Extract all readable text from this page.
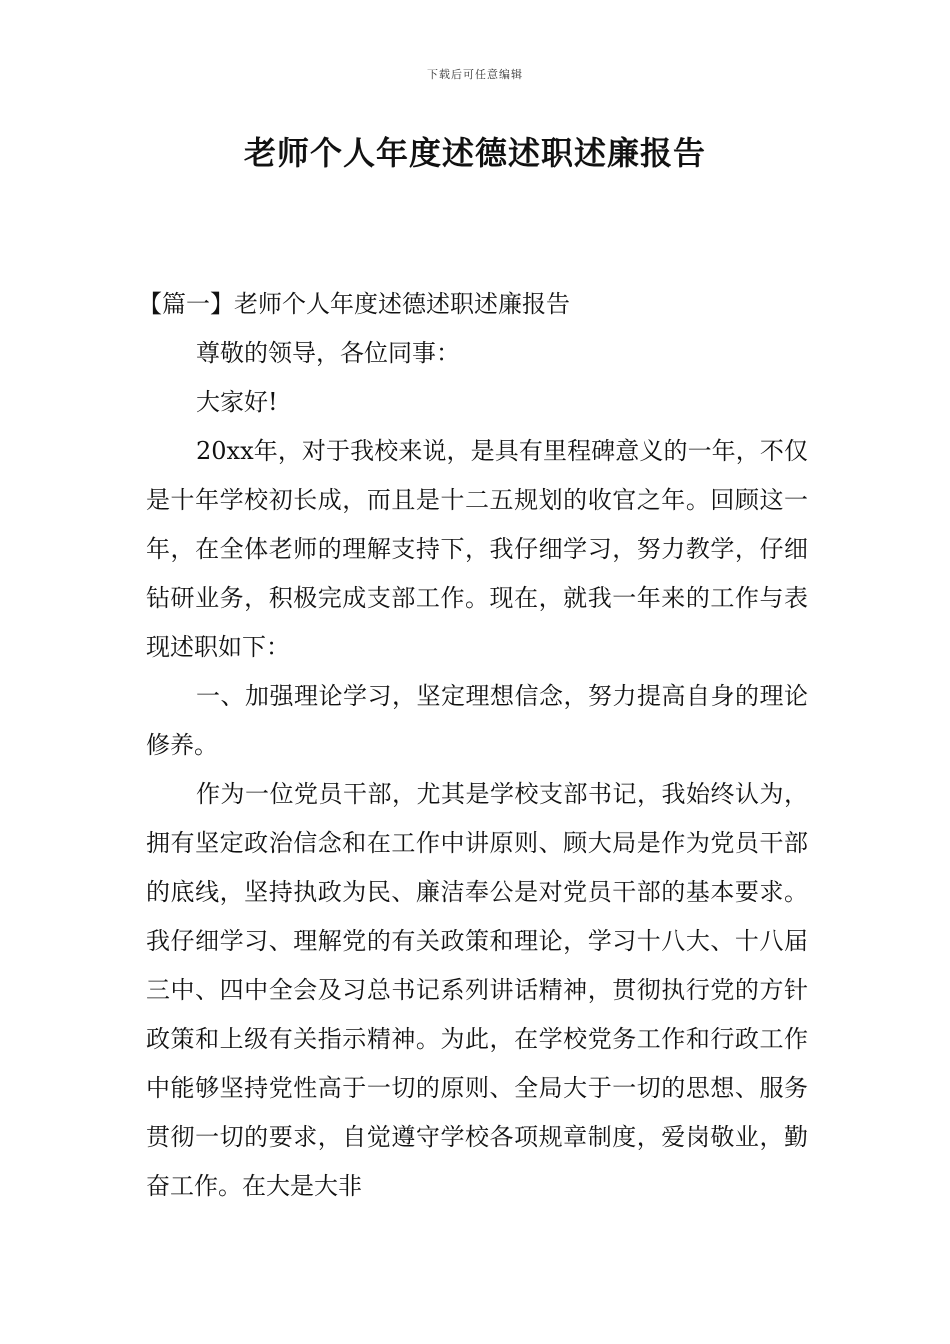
下载后可任意编辑
老师个人年度述德述职述廉报告

【篇一】老师个人年度述德述职述廉报告

尊敬的领导，各位同事：

大家好!

20xx年，对于我校来说，是具有里程碑意义的一年，不仅是十年学校初长成，而且是十二五规划的收官之年。回顾这一年，在全体老师的理解支持下，我仔细学习，努力教学，仔细钻研业务，积极完成支部工作。现在，就我一年来的工作与表现述职如下：

一、加强理论学习，坚定理想信念，努力提高自身的理论修养。

作为一位党员干部，尤其是学校支部书记，我始终认为，拥有坚定政治信念和在工作中讲原则、顾大局是作为党员干部的底线，坚持执政为民、廉洁奉公是对党员干部的基本要求。我仔细学习、理解党的有关政策和理论，学习十八大、十八届三中、四中全会及习总书记系列讲话精神，贯彻执行党的方针政策和上级有关指示精神。为此，在学校党务工作和行政工作中能够坚持党性高于一切的原则、全局大于一切的思想、服务贯彻一切的要求，自觉遵守学校各项规章制度，爱岗敬业，勤奋工作。在大是大非
